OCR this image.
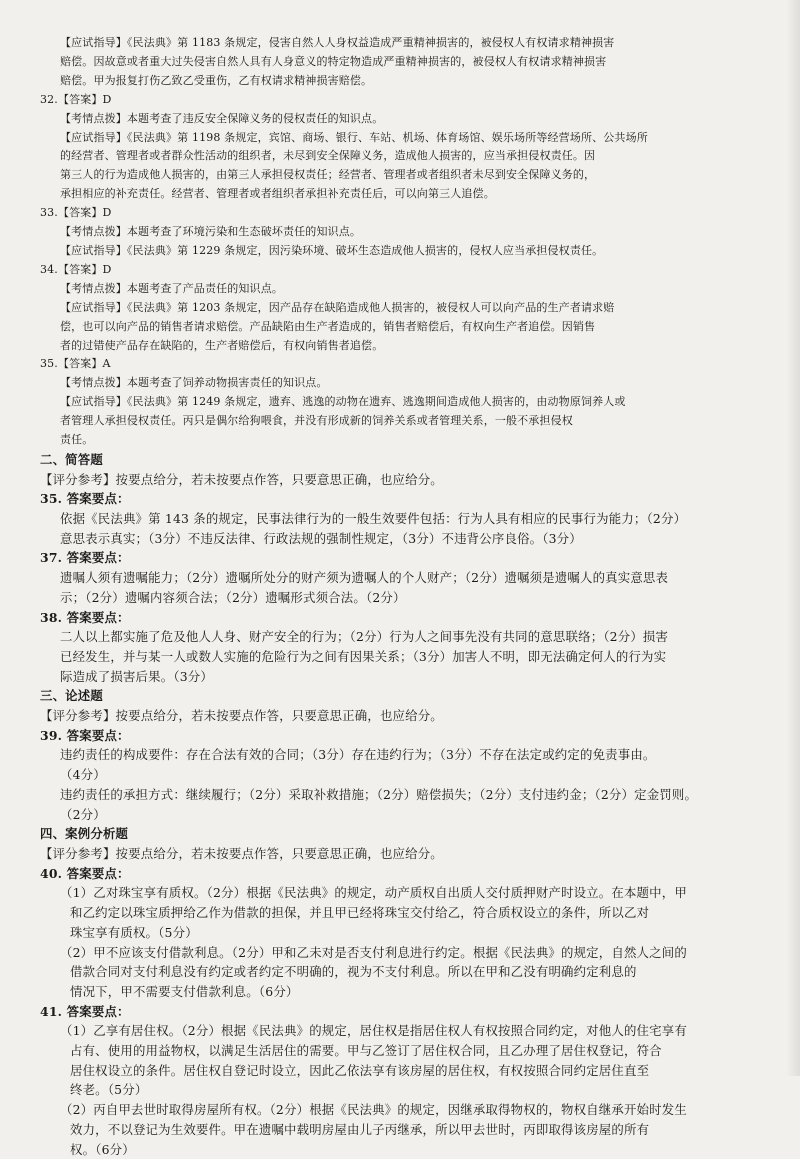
【应试指导】《民法典》第 1183 条规定，侵害自然人人身权益造成严重精神损害的，被侵权人有权请求精神损害
赔偿。因故意或者重大过失侵害自然人具有人身意义的特定物造成严重精神损害的，被侵权人有权请求精神损害
赔偿。甲为报复打伤乙致乙受重伤，乙有权请求精神损害赔偿。
32.【答案】D
【考情点拨】本题考查了违反安全保障义务的侵权责任的知识点。
【应试指导】《民法典》第 1198 条规定，宾馆、商场、银行、车站、机场、体育场馆、娱乐场所等经营场所、公共场所
的经营者、管理者或者群众性活动的组织者，未尽到安全保障义务，造成他人损害的，应当承担侵权责任。因
第三人的行为造成他人损害的，由第三人承担侵权责任；经营者、管理者或者组织者未尽到安全保障义务的，
承担相应的补充责任。经营者、管理者或者组织者承担补充责任后，可以向第三人追偿。
33.【答案】D
【考情点拨】本题考查了环境污染和生态破坏责任的知识点。
【应试指导】《民法典》第 1229 条规定，因污染环境、破坏生态造成他人损害的，侵权人应当承担侵权责任。
34.【答案】D
【考情点拨】本题考查了产品责任的知识点。
【应试指导】《民法典》第 1203 条规定，因产品存在缺陷造成他人损害的，被侵权人可以向产品的生产者请求赔
偿，也可以向产品的销售者请求赔偿。产品缺陷由生产者造成的，销售者赔偿后，有权向生产者追偿。因销售
者的过错使产品存在缺陷的，生产者赔偿后，有权向销售者追偿。
35.【答案】A
【考情点拨】本题考查了饲养动物损害责任的知识点。
【应试指导】《民法典》第 1249 条规定，遗弃、逃逸的动物在遗弃、逃逸期间造成他人损害的，由动物原饲养人或
者管理人承担侵权责任。丙只是偶尔给狗喂食，并没有形成新的饲养关系或者管理关系，一般不承担侵权
责任。
二、简答题
【评分参考】按要点给分，若未按要点作答，只要意思正确，也应给分。
35. 答案要点：
依据《民法典》第 143 条的规定，民事法律行为的一般生效要件包括：行为人具有相应的民事行为能力；（2分）
意思表示真实；（3分）不违反法律、行政法规的强制性规定，（3分）不违背公序良俗。（3分）
37. 答案要点：
遗嘱人须有遗嘱能力；（2分）遗嘱所处分的财产须为遗嘱人的个人财产；（2分）遗嘱须是遗嘱人的真实意思表
示；（2分）遗嘱内容须合法；（2分）遗嘱形式须合法。（2分）
38. 答案要点：
二人以上都实施了危及他人人身、财产安全的行为；（2分）行为人之间事先没有共同的意思联络；（2分）损害
已经发生，并与某一人或数人实施的危险行为之间有因果关系；（3分）加害人不明，即无法确定何人的行为实
际造成了损害后果。（3分）
三、论述题
【评分参考】按要点给分，若未按要点作答，只要意思正确，也应给分。
39. 答案要点：
违约责任的构成要件：存在合法有效的合同；（3分）存在违约行为；（3分）不存在法定或约定的免责事由。
（4分）
违约责任的承担方式：继续履行；（2分）采取补救措施；（2分）赔偿损失；（2分）支付违约金；（2分）定金罚则。
（2分）
四、案例分析题
【评分参考】按要点给分，若未按要点作答，只要意思正确，也应给分。
40. 答案要点：
（1）乙对珠宝享有质权。（2分）根据《民法典》的规定，动产质权自出质人交付质押财产时设立。在本题中，甲
和乙约定以珠宝质押给乙作为借款的担保，并且甲已经将珠宝交付给乙，符合质权设立的条件，所以乙对
珠宝享有质权。（5分）
（2）甲不应该支付借款利息。（2分）甲和乙未对是否支付利息进行约定。根据《民法典》的规定，自然人之间的
借款合同对支付利息没有约定或者约定不明确的，视为不支付利息。所以在甲和乙没有明确约定利息的
情况下，甲不需要支付借款利息。（6分）
41. 答案要点：
（1）乙享有居住权。（2分）根据《民法典》的规定，居住权是指居住权人有权按照合同约定，对他人的住宅享有
占有、使用的用益物权，以满足生活居住的需要。甲与乙签订了居住权合同，且乙办理了居住权登记，符合
居住权设立的条件。居住权自登记时设立，因此乙依法享有该房屋的居住权，有权按照合同约定居住直至
终老。（5分）
（2）丙自甲去世时取得房屋所有权。（2分）根据《民法典》的规定，因继承取得物权的，物权自继承开始时发生
效力，不以登记为生效要件。甲在遗嘱中载明房屋由儿子丙继承，所以甲去世时，丙即取得该房屋的所有
权。（6分）
